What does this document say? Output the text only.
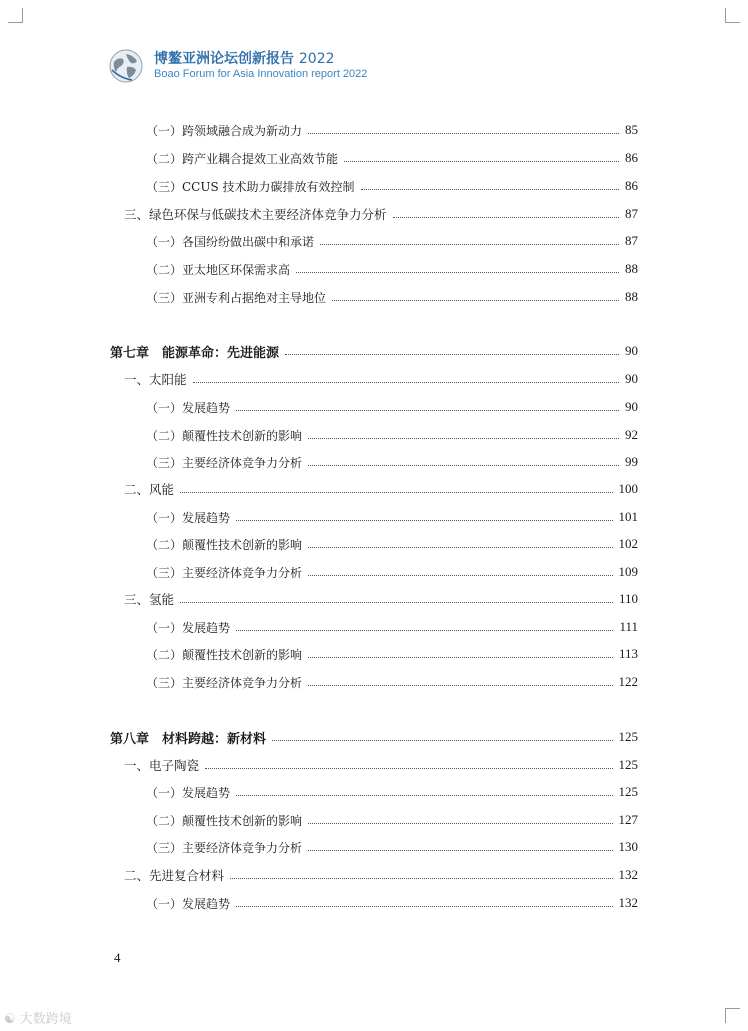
博鳌亚洲论坛创新报告 2022
Boao Forum for Asia Innovation report 2022
（一）跨领域融合成为新动力	85
（二）跨产业耦合提效工业高效节能	86
（三）CCUS 技术助力碳排放有效控制	86
三、绿色环保与低碳技术主要经济体竞争力分析	87
（一）各国纷纷做出碳中和承诺	87
（二）亚太地区环保需求高	88
（三）亚洲专利占据绝对主导地位	88
第七章　能源革命：先进能源	90
一、太阳能	90
（一）发展趋势	90
（二）颠覆性技术创新的影响	92
（三）主要经济体竞争力分析	99
二、风能	100
（一）发展趋势	101
（二）颠覆性技术创新的影响	102
（三）主要经济体竞争力分析	109
三、氢能	110
（一）发展趋势	111
（二）颠覆性技术创新的影响	113
（三）主要经济体竞争力分析	122
第八章　材料跨越：新材料	125
一、电子陶瓷	125
（一）发展趋势	125
（二）颠覆性技术创新的影响	127
（三）主要经济体竞争力分析	130
二、先进复合材料	132
（一）发展趋势	132
4
☯ 大数跨境
